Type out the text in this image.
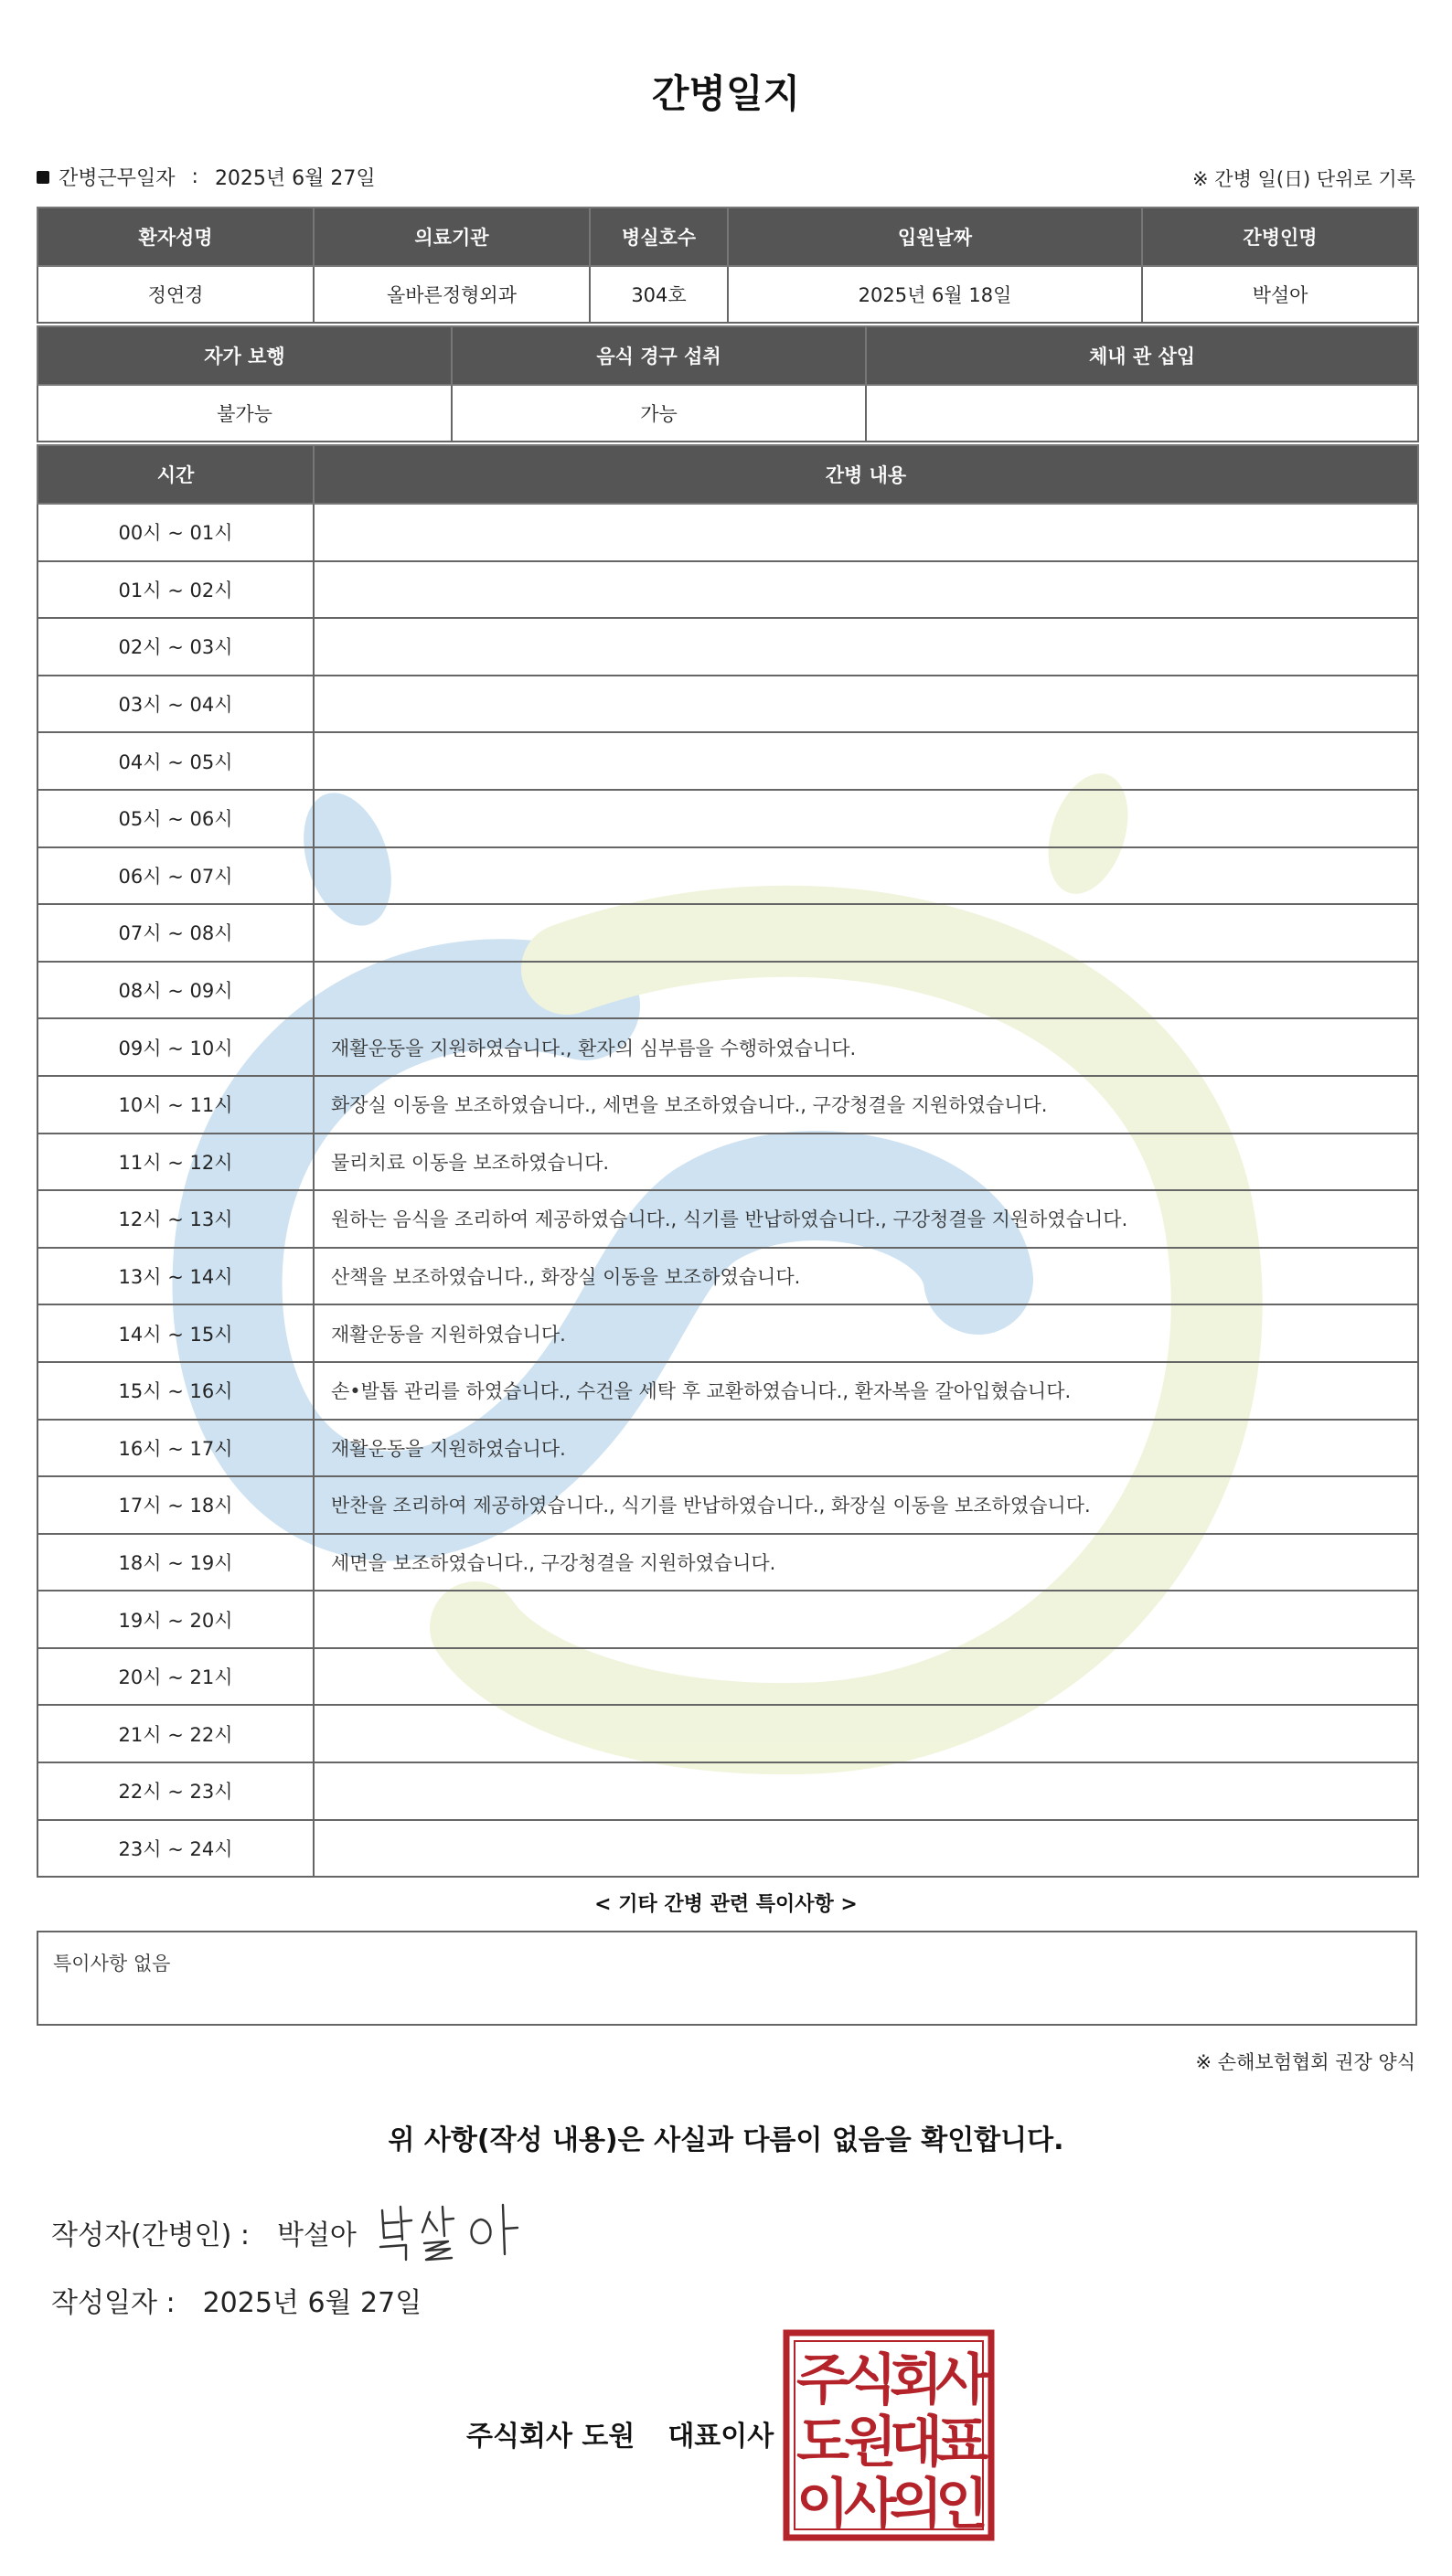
간병일지
간병근무일자 : 2025년 6월 27일	※ 간병 일(日) 단위로 기록
환자성명	의료기관	병실호수	입원날짜	간병인명
정연경	올바른정형외과	304호	2025년 6월 18일	박설아
자가 보행	음식 경구 섭취	체내 관 삽입
불가능	가능	
시간	간병 내용
00시 ~ 01시	
01시 ~ 02시	
02시 ~ 03시	
03시 ~ 04시	
04시 ~ 05시	
05시 ~ 06시	
06시 ~ 07시	
07시 ~ 08시	
08시 ~ 09시	
09시 ~ 10시	재활운동을 지원하였습니다., 환자의 심부름을 수행하였습니다.
10시 ~ 11시	화장실 이동을 보조하였습니다., 세면을 보조하였습니다., 구강청결을 지원하였습니다.
11시 ~ 12시	물리치료 이동을 보조하였습니다.
12시 ~ 13시	원하는 음식을 조리하여 제공하였습니다., 식기를 반납하였습니다., 구강청결을 지원하였습니다.
13시 ~ 14시	산책을 보조하였습니다., 화장실 이동을 보조하였습니다.
14시 ~ 15시	재활운동을 지원하였습니다.
15시 ~ 16시	손•발톱 관리를 하였습니다., 수건을 세탁 후 교환하였습니다., 환자복을 갈아입혔습니다.
16시 ~ 17시	재활운동을 지원하였습니다.
17시 ~ 18시	반찬을 조리하여 제공하였습니다., 식기를 반납하였습니다., 화장실 이동을 보조하였습니다.
18시 ~ 19시	세면을 보조하였습니다., 구강청결을 지원하였습니다.
19시 ~ 20시	
20시 ~ 21시	
21시 ~ 22시	
22시 ~ 23시	
23시 ~ 24시	
< 기타 간병 관련 특이사항 >
특이사항 없음
※ 손해보험협회 권장 양식
위 사항(작성 내용)은 사실과 다름이 없음을 확인합니다.
작성자(간병인) : 박설아
작성일자 : 2025년 6월 27일
주식회사 도원 대표이사
주
식
회
사
도
원
대
표
이
사
의
인
